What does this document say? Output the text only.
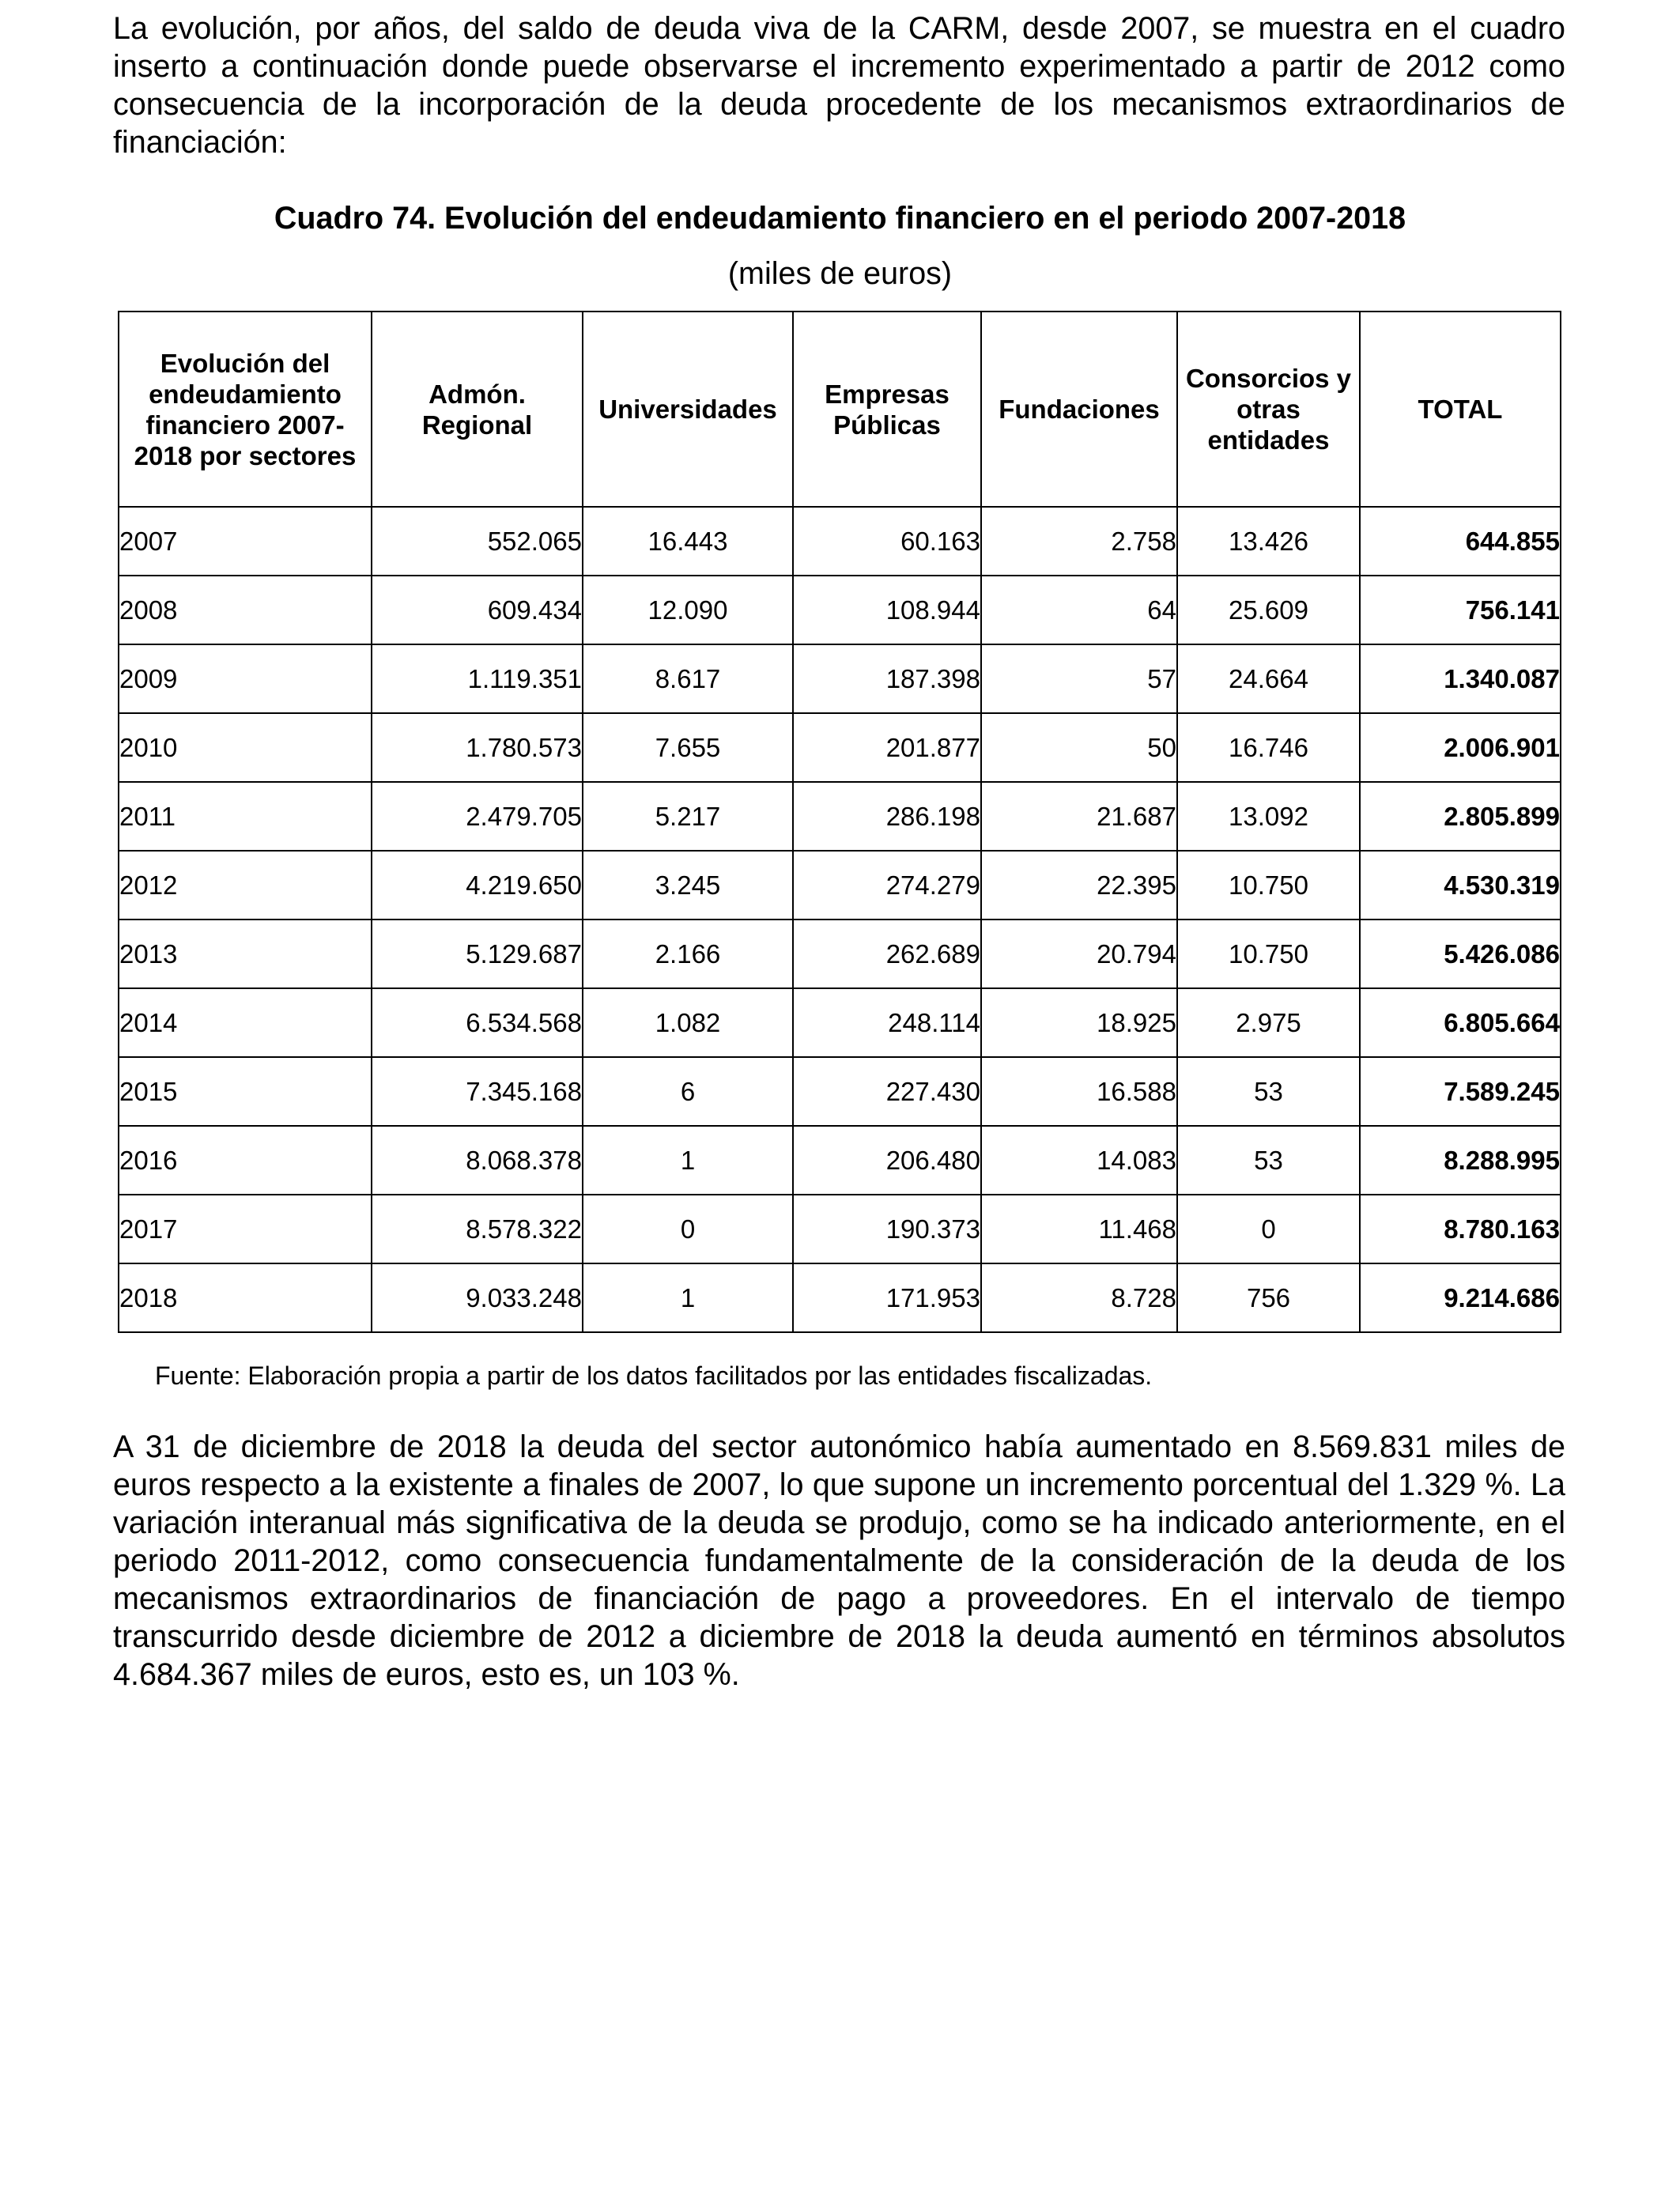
La evolución, por años, del saldo de deuda viva de la CARM, desde 2007, se muestra en el cuadro inserto a continuación donde puede observarse el incremento experimentado a partir de 2012 como consecuencia de la incorporación de la deuda procedente de los mecanismos extraordinarios de financiación:

Cuadro 74. Evolución del endeudamiento financiero en el periodo 2007-2018
(miles de euros)
Evolución del endeudamiento financiero 2007-2018 por sectores	Admón. Regional	Universidades	Empresas Públicas	Fundaciones	Consorcios y otras entidades	TOTAL
2007	552.065	16.443	60.163	2.758	13.426	644.855
2008	609.434	12.090	108.944	64	25.609	756.141
2009	1.119.351	8.617	187.398	57	24.664	1.340.087
2010	1.780.573	7.655	201.877	50	16.746	2.006.901
2011	2.479.705	5.217	286.198	21.687	13.092	2.805.899
2012	4.219.650	3.245	274.279	22.395	10.750	4.530.319
2013	5.129.687	2.166	262.689	20.794	10.750	5.426.086
2014	6.534.568	1.082	248.114	18.925	2.975	6.805.664
2015	7.345.168	6	227.430	16.588	53	7.589.245
2016	8.068.378	1	206.480	14.083	53	8.288.995
2017	8.578.322	0	190.373	11.468	0	8.780.163
2018	9.033.248	1	171.953	8.728	756	9.214.686
Fuente: Elaboración propia a partir de los datos facilitados por las entidades fiscalizadas.

A 31 de diciembre de 2018 la deuda del sector autonómico había aumentado en 8.569.831 miles de euros respecto a la existente a finales de 2007, lo que supone un incremento porcentual del 1.329 %. La variación interanual más significativa de la deuda se produjo, como se ha indicado anteriormente, en el periodo 2011-2012, como consecuencia fundamentalmente de la consideración de la deuda de los mecanismos extraordinarios de financiación de pago a proveedores. En el intervalo de tiempo transcurrido desde diciembre de 2012 a diciembre de 2018 la deuda aumentó en términos absolutos 4.684.367 miles de euros, esto es, un 103 %.
